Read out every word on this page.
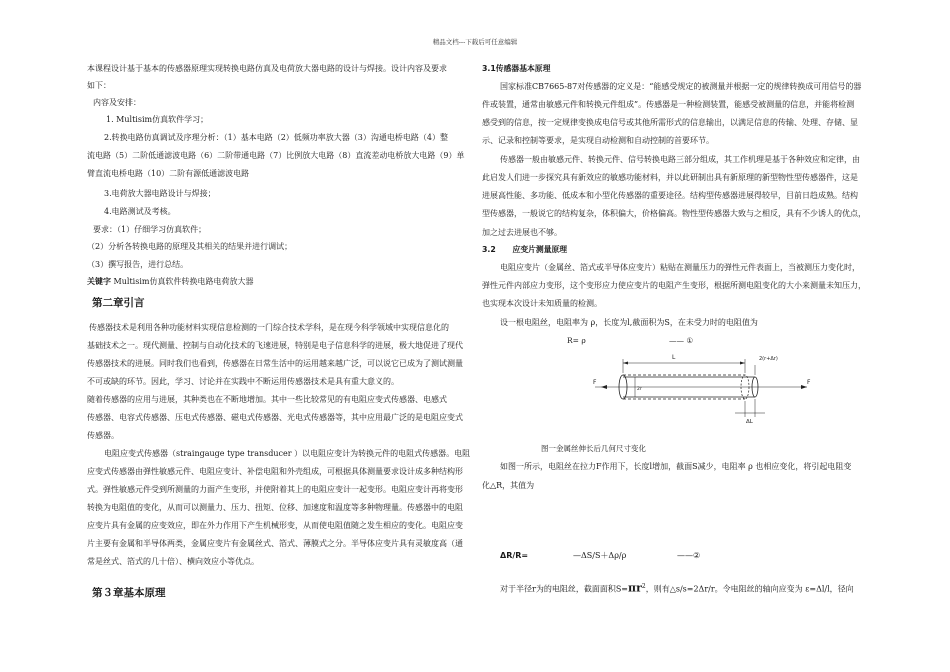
精品文档---下载后可任意编辑
本课程设计基于基本的传感器原理实现转换电路仿真及电荷放大器电路的设计与焊接。设计内容及要求
如下：
内容及安排：
1. Multisim仿真软件学习；
2.转换电路仿真调试及序理分析：（1）基本电路（2）低频功率放大器（3）沟通电桥电路（4）整
流电路（5）二阶低通滤波电路（6）二阶带通电路（7）比例放大电路（8）直流差动电桥放大电路（9）单
臂直流电桥电路（10）二阶有源低通滤波电路
3.电荷放大器电路设计与焊接；
4.电路测试及考核。
要求：（1）仔细学习仿真软件；
（2）分析各转换电路的原理及其相关的结果并进行调试；
（3）撰写报告，进行总结。
关键字 Multisim仿真软件转换电路电荷放大器
第二章引言
传感器技术是利用各种功能材料实现信息检测的一门综合技术学科，是在现今科学领域中实现信息化的
基础技术之一。现代测量、控制与自动化技术的飞速进展，特别是电子信息科学的进展，极大地促进了现代
传感器技术的进展。同时我们也看到，传感器在日常生活中的运用越来越广泛，可以说它已成为了测试测量
不可或缺的环节。因此，学习、讨论并在实践中不断运用传感器技术是具有重大意义的。
随着传感器的应用与进展，其种类也在不断地增加。其中一些比较常见的有电阻应变式传感器、电感式
传感器、电容式传感器、压电式传感器、磁电式传感器、光电式传感器等，其中应用最广泛的是电阻应变式
传感器。
电阻应变式传感器（straingauge type transducer ）以电阻应变计为转换元件的电阻式传感器。电阻
应变式传感器由弹性敏感元件、电阻应变计、补偿电阻和外壳组成，可根据具体测量要求设计成多种结构形
式。弹性敏感元件受到所测量的力面产生变形，并使附着其上的电阻应变计一起变形。电阻应变计再将变形
转换为电阻值的变化，从而可以测量力、压力、扭矩、位移、加速度和温度等多种物理量。传感器中的电阻
应变片具有金属的应变效应，即在外力作用下产生机械形变，从而使电阻值随之发生相应的变化。电阻应变
片主要有金属和半导体两类，金属应变片有金属丝式、箔式、薄膜式之分。半导体应变片具有灵敏度高（通
常是丝式、箔式的几十倍）、横向效应小等优点。
第３章基本原理
3.1传感器基本原理
国家标准CB7665-87对传感器的定义是：“能感受规定的被测量并根据一定的规律转换成可用信号的器
件或装置，通常由敏感元件和转换元件组成”。传感器是一种检测装置，能感受被测量的信息，并能将检测
感受到的信息，按一定规律变换成电信号或其他所需形式的信息输出，以满足信息的传输、处理、存储、显
示、记录和控制等要求，是实现自动检测和自动控制的首要环节。
传感器一般由敏感元件、转换元件、信号转换电路三部分组成，其工作机理是基于各种效应和定律，由
此启发人们进一步探究具有新效应的敏感功能材料，并以此研制出具有新原理的新型物性型传感器件，这是
进展高性能、多功能、低成本和小型化传感器的重要途径。结构型传感器进展得较早，目前日趋成熟。结构
型传感器，一般说它的结构复杂，体积偏大，价格偏高。物性型传感器大致与之相反，具有不少诱人的优点，
加之过去进展也不够。
3.2 应变片测量原理
电阻应变片（金属丝、箔式或半导体应变片）粘贴在测量压力的弹性元件表面上，当被测压力变化时，
弹性元件内部应力变形，这个变形应力使应变片的电阻产生变形，根据所测电阻变化的大小来测量未知压力，
也实现本次设计未知质量的检测。
设一根电阻丝，电阻率为 ρ，长度为l,截面积为S，在未受力时的电阻值为
R= ρ	—— ①
L
F	F
2(r+Δr)
2r
ΔL
图一金属丝伸长后几何尺寸变化
如图一所示，电阻丝在拉力F作用下，长度l增加，截面S减少，电阻率 ρ 也相应变化，将引起电阻变
化△R，其值为
ΔR/R=	—ΔS/S＋Δρ/ρ	——②
对于半径r为的电阻丝，截面面积$S=\pi r^2$，则有△s/s=2Δr/r。令电阻丝的轴向应变为 ε=Δl/l，径向
